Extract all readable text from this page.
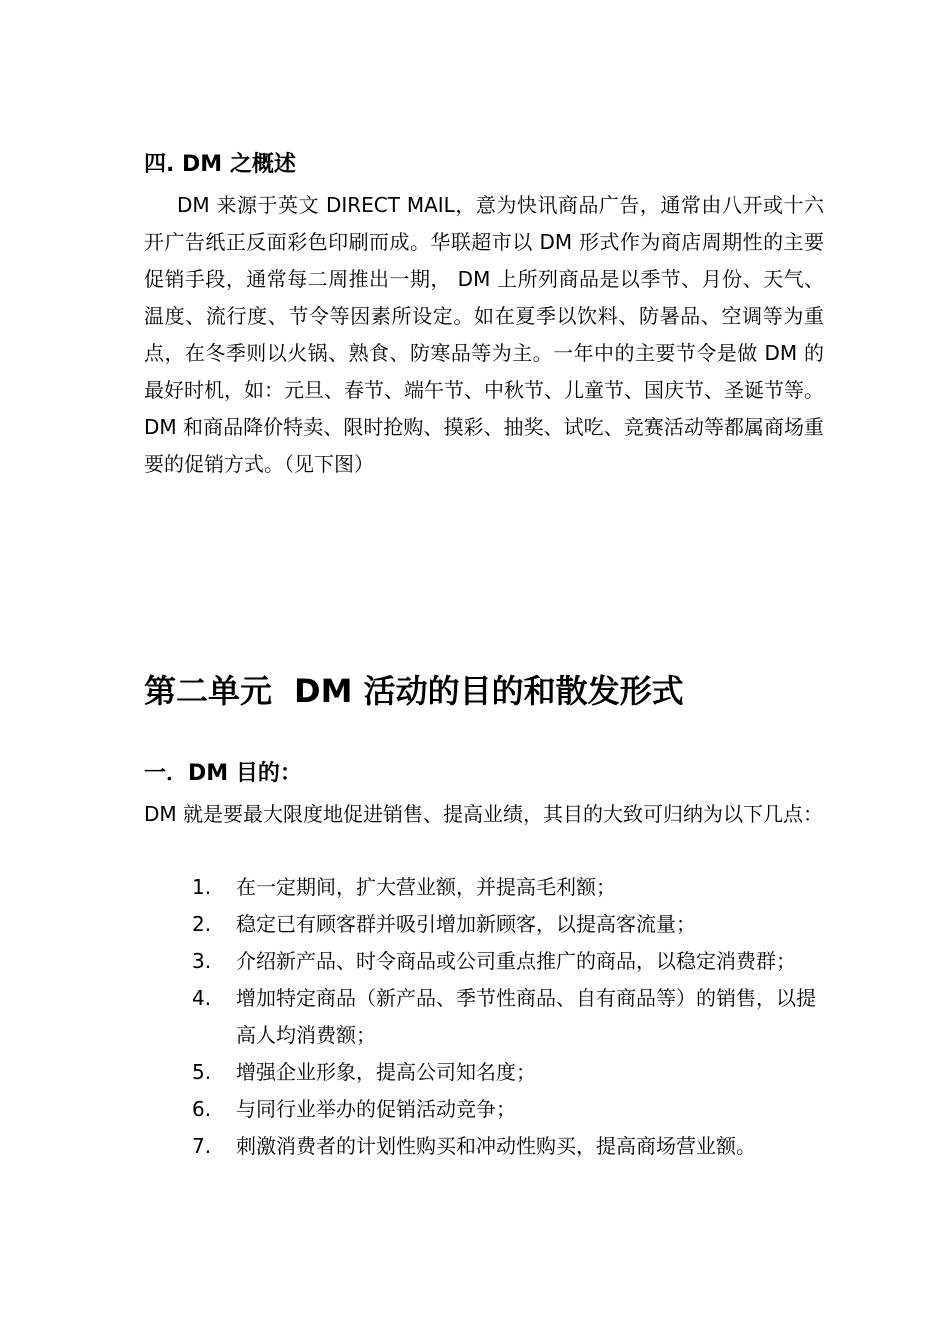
四. DM 之概述

DM 来源于英文 DIRECT MAIL，意为快讯商品广告，通常由八开或十六开广告纸正反面彩色印刷而成。华联超市以 DM 形式作为商店周期性的主要促销手段，通常每二周推出一期， DM 上所列商品是以季节、月份、天气、温度、流行度、节令等因素所设定。如在夏季以饮料、防暑品、空调等为重点，在冬季则以火锅、熟食、防寒品等为主。一年中的主要节令是做 DM 的最好时机，如：元旦、春节、端午节、中秋节、儿童节、国庆节、圣诞节等。DM 和商品降价特卖、限时抢购、摸彩、抽奖、试吃、竞赛活动等都属商场重要的促销方式。（见下图）

第二单元 DM 活动的目的和散发形式
一．DM 目的：

DM 就是要最大限度地促进销售、提高业绩，其目的大致可归纳为以下几点：

1.	在一定期间，扩大营业额，并提高毛利额；
2.	稳定已有顾客群并吸引增加新顾客，以提高客流量；
3.	介绍新产品、时令商品或公司重点推广的商品，以稳定消费群；
4.	增加特定商品（新产品、季节性商品、自有商品等）的销售，以提高人均消费额；
5.	增强企业形象，提高公司知名度；
6.	与同行业举办的促销活动竞争；
7.	刺激消费者的计划性购买和冲动性购买，提高商场营业额。
